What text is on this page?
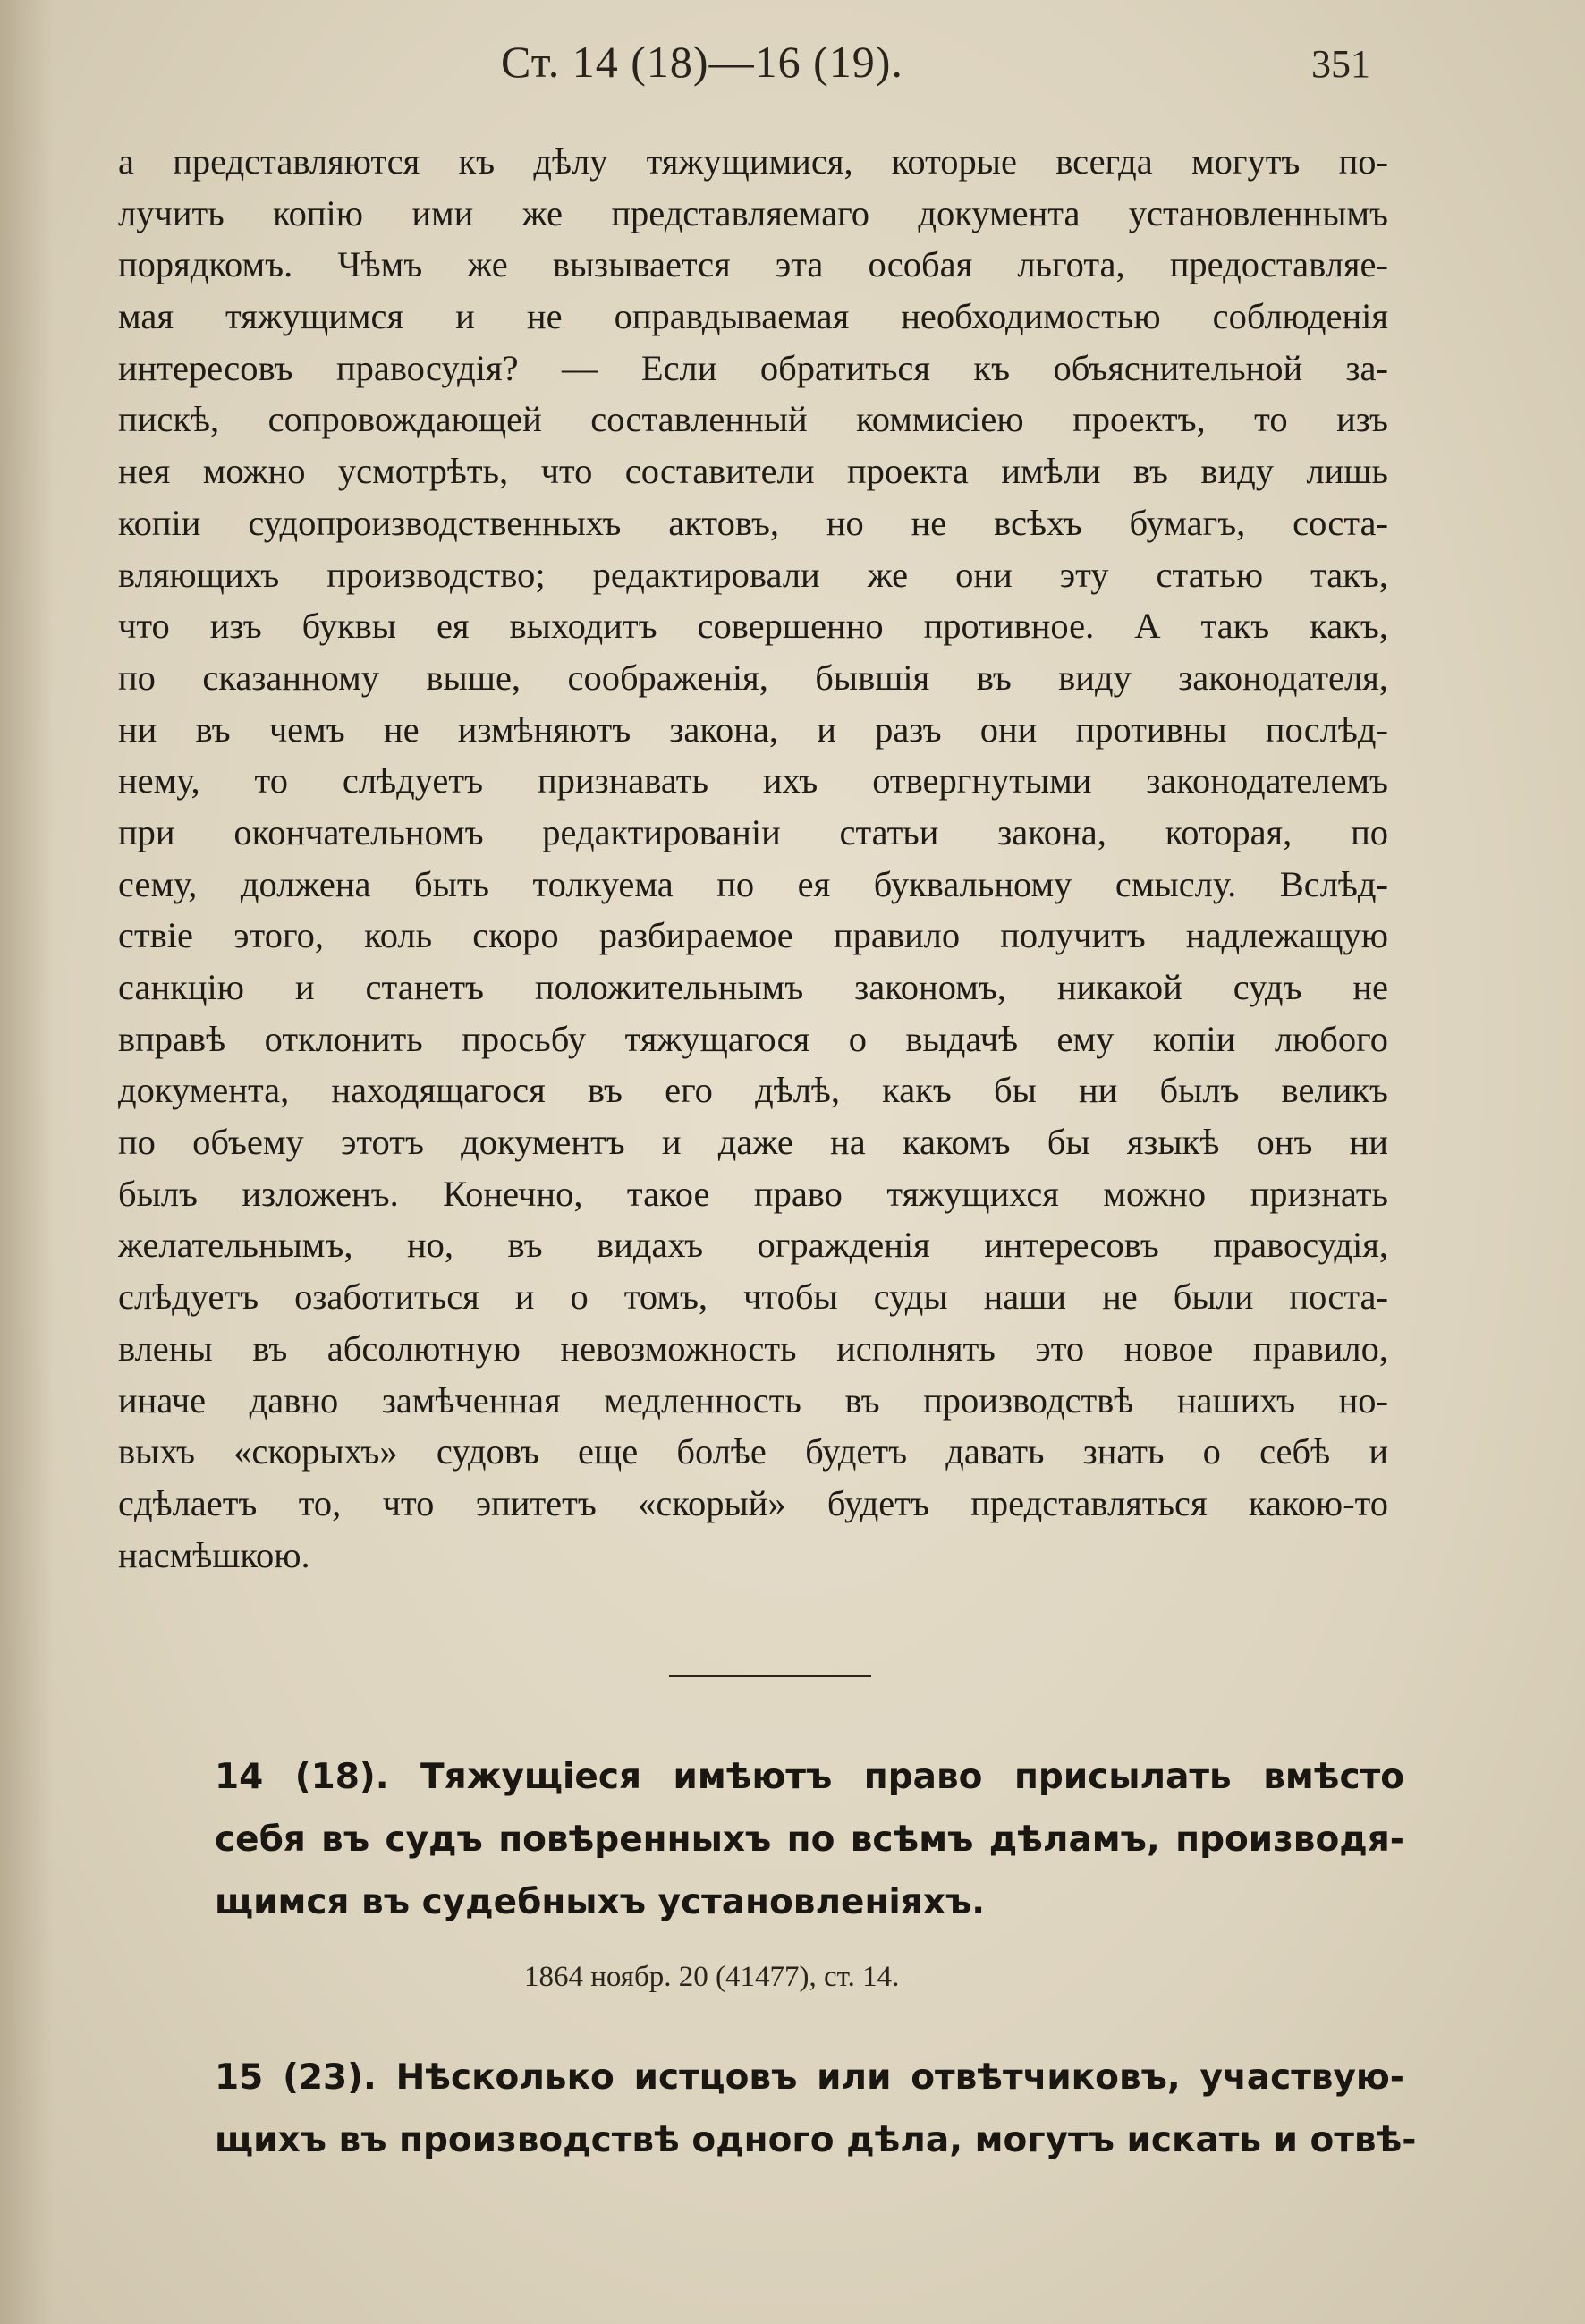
Ст. 14 (18)—16 (19).	351
а представляются къ дѣлу тяжущимися, которые всегда могутъ по-
лучить копію ими же представляемаго документа установленнымъ
порядкомъ. Чѣмъ же вызывается эта особая льгота, предоставляе-
мая тяжущимся и не оправдываемая необходимостью соблюденія
интересовъ правосудія? — Если обратиться къ объяснительной за-
пискѣ, сопровождающей составленный коммисіею проектъ, то изъ
нея можно усмотрѣть, что составители проекта имѣли въ виду лишь
копіи судопроизводственныхъ актовъ, но не всѣхъ бумагъ, соста-
вляющихъ производство; редактировали же они эту статью такъ,
что изъ буквы ея выходитъ совершенно противное. А такъ какъ,
по сказанному выше, соображенія, бывшія въ виду законодателя,
ни въ чемъ не измѣняютъ закона, и разъ они противны послѣд-
нему, то слѣдуетъ признавать ихъ отвергнутыми законодателемъ
при окончательномъ редактированіи статьи закона, которая, по
сему, должена быть толкуема по ея буквальному смыслу. Вслѣд-
ствіе этого, коль скоро разбираемое правило получитъ надлежащую
санкцію и станетъ положительнымъ закономъ, никакой судъ не
вправѣ отклонить просьбу тяжущагося о выдачѣ ему копіи любого
документа, находящагося въ его дѣлѣ, какъ бы ни былъ великъ
по объему этотъ документъ и даже на какомъ бы языкѣ онъ ни
былъ изложенъ. Конечно, такое право тяжущихся можно признать
желательнымъ, но, въ видахъ огражденія интересовъ правосудія,
слѣдуетъ озаботиться и о томъ, чтобы суды наши не были поста-
влены въ абсолютную невозможность исполнять это новое правило,
иначе давно замѣченная медленность въ производствѣ нашихъ но-
выхъ «скорыхъ» судовъ еще болѣе будетъ давать знать о себѣ и
сдѣлаетъ то, что эпитетъ «скорый» будетъ представляться какою-то
насмѣшкою.
14 (18). Тяжущіеся имѣютъ право присылать вмѣсто
себя въ судъ повѣренныхъ по всѣмъ дѣламъ, производя-
щимся въ судебныхъ установленіяхъ.
1864 ноябр. 20 (41477), ст. 14.
15 (23). Нѣсколько истцовъ или отвѣтчиковъ, участвую-
щихъ въ производствѣ одного дѣла, могутъ искать и отвѣ-
